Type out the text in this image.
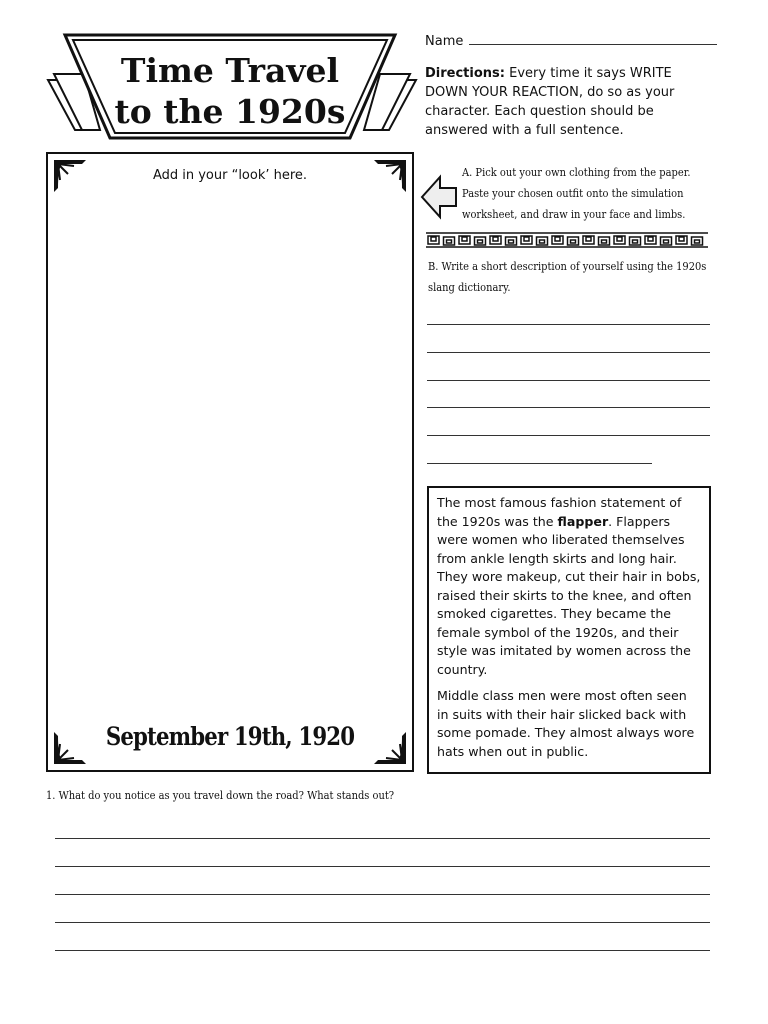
Time Travel
to the 1920s
Add in your “look’ here.
September 19th, 1920
Name
Directions: Every time it says WRITE DOWN YOUR REACTION, do so as your character. Each question should be answered with a full sentence.
A. Pick out your own clothing from the paper. Paste your chosen outfit onto the simulation worksheet, and draw in your face and limbs.
B. Write a short description of yourself using the 1920s slang dictionary.

The most famous fashion statement of the 1920s was the flapper. Flappers were women who liberated themselves from ankle length skirts and long hair. They wore makeup, cut their hair in bobs, raised their skirts to the knee, and often smoked cigarettes. They became the female symbol of the 1920s, and their style was imitated by women across the country.

Middle class men were most often seen in suits with their hair slicked back with some pomade. They almost always wore hats when out in public.

1. What do you notice as you travel down the road? What stands out?
